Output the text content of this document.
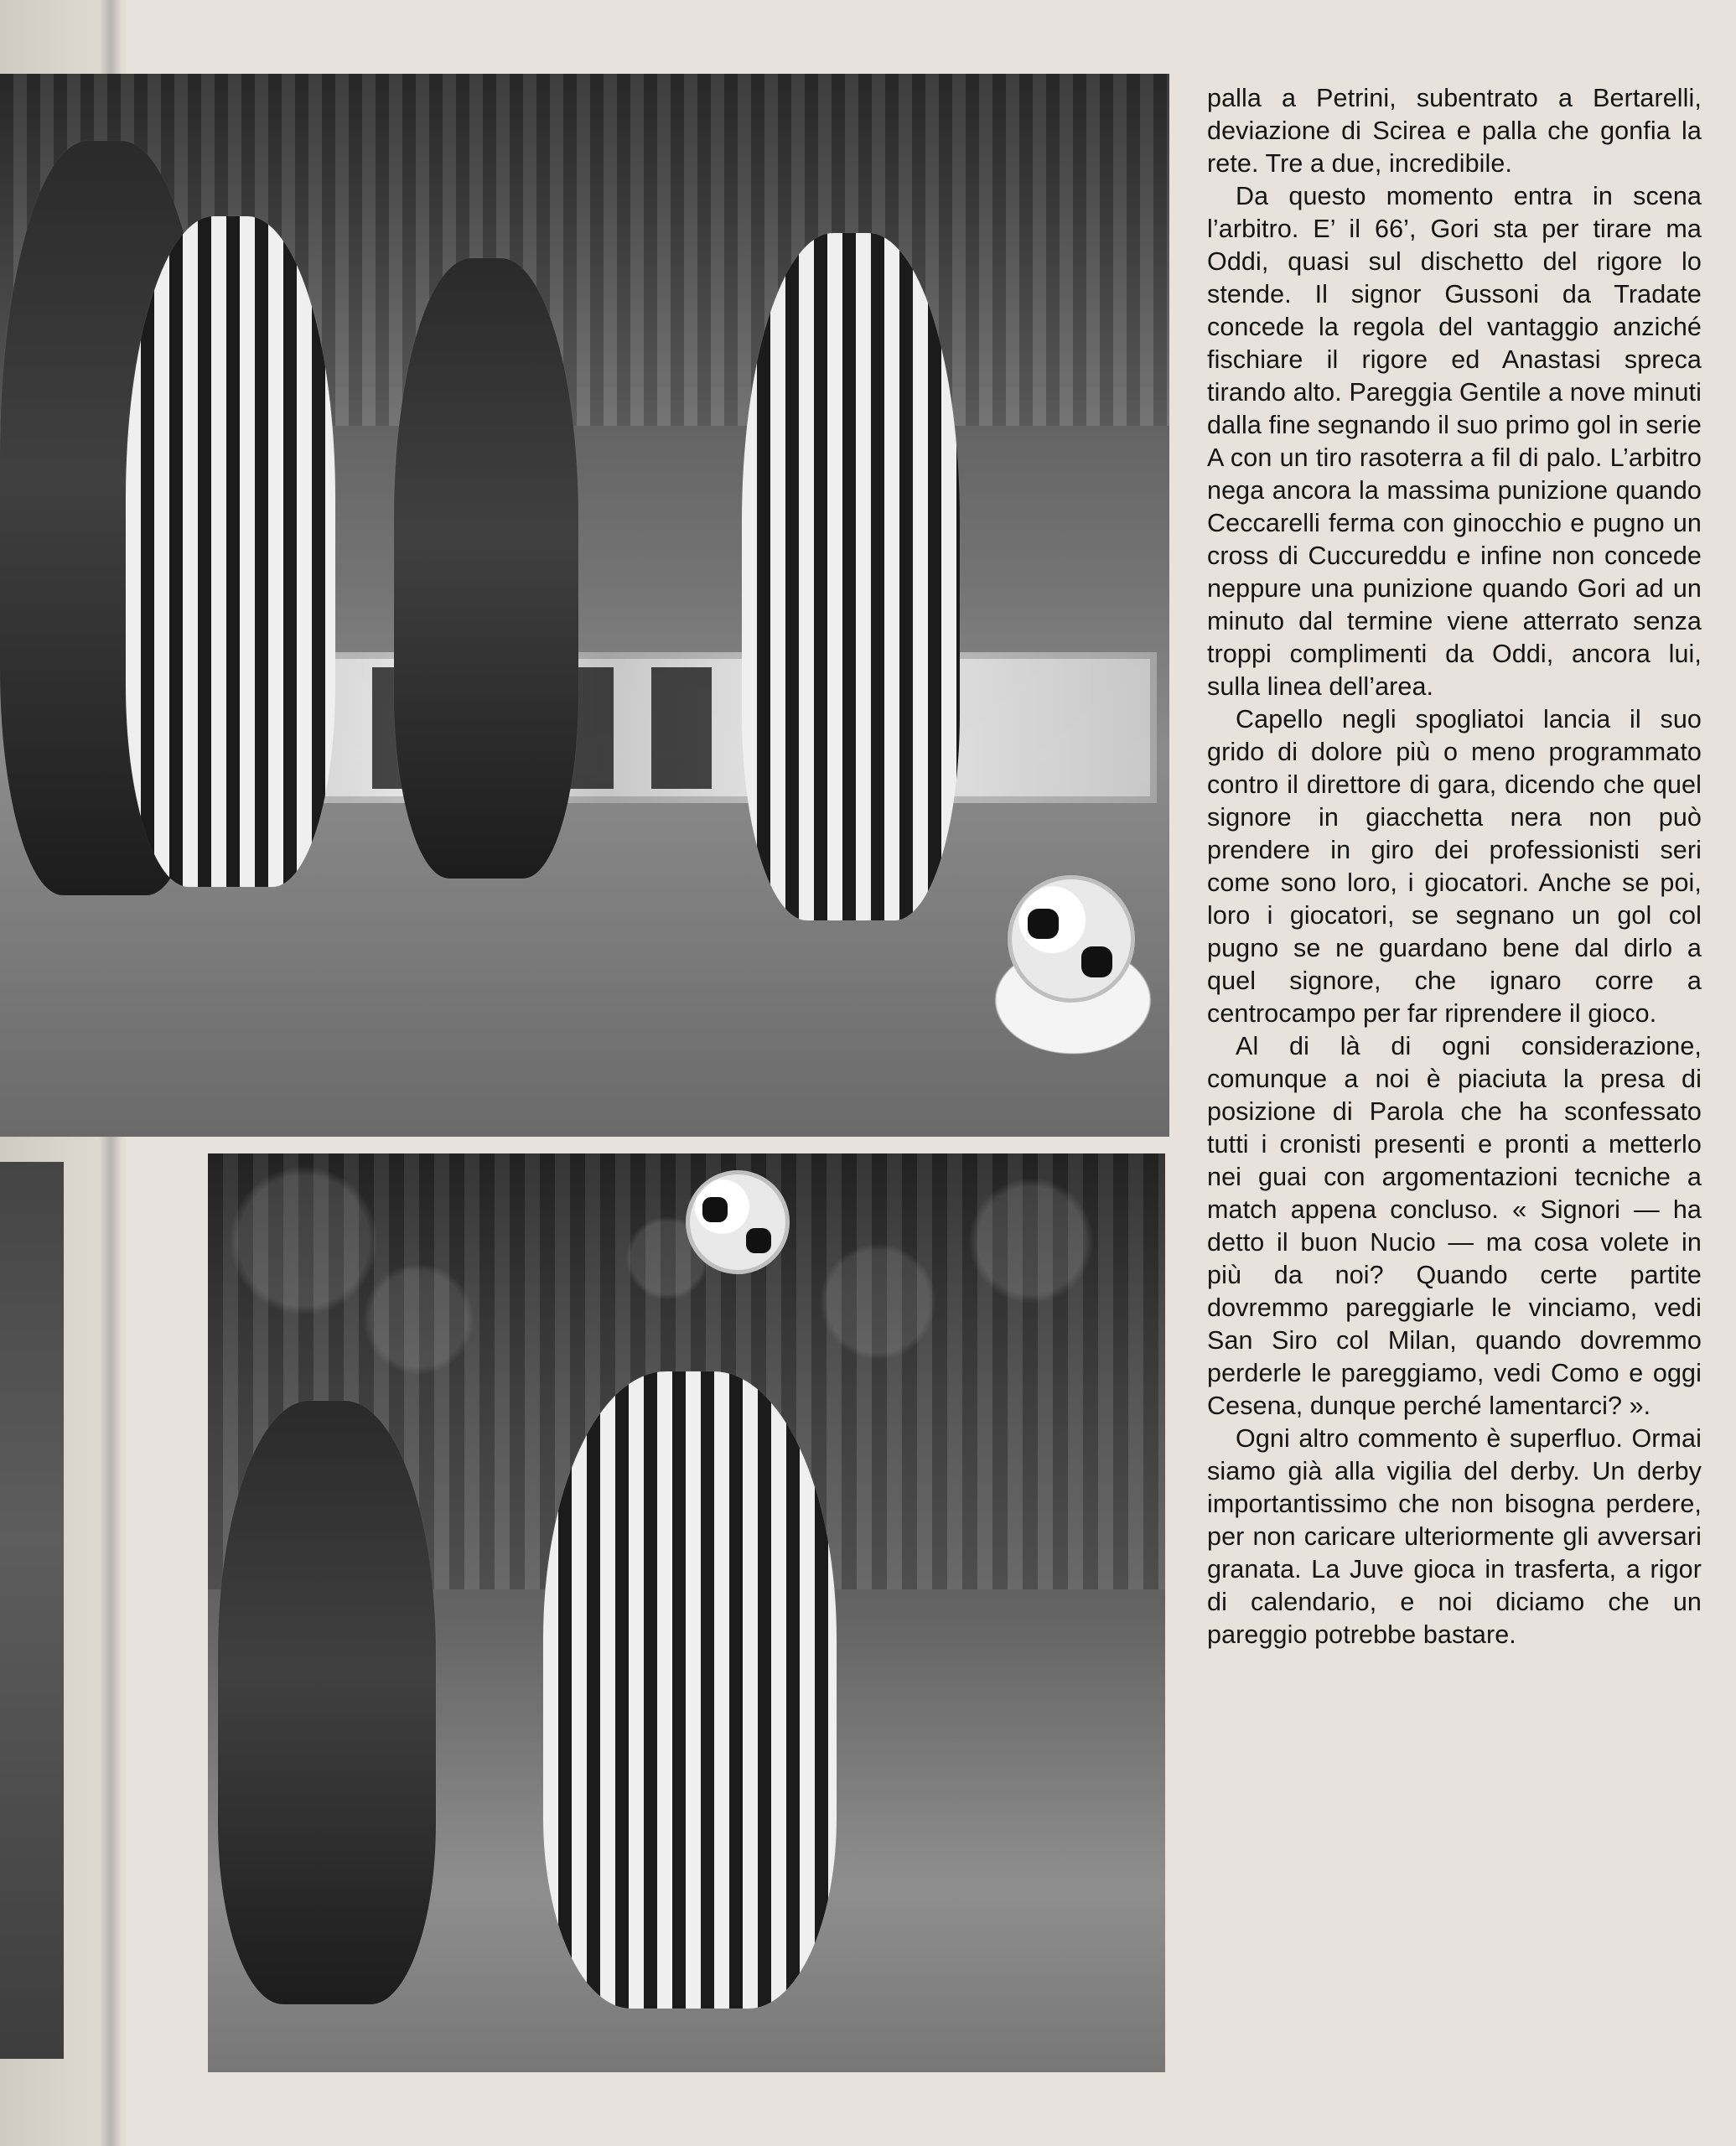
palla a Petrini, subentrato a Bertarelli, deviazione di Scirea e palla che gonfia la rete. Tre a due, incredibile.

Da questo momento entra in scena l’arbitro. E’ il 66’, Gori sta per tirare ma Oddi, quasi sul dischetto del rigore lo stende. Il signor Gussoni da Tradate concede la regola del vantaggio anziché fischiare il rigore ed Anastasi spreca tirando alto. Pareggia Gentile a nove minuti dalla fine segnando il suo primo gol in serie A con un tiro rasoterra a fil di palo. L’arbitro nega ancora la massima punizione quando Ceccarelli ferma con ginocchio e pugno un cross di Cuccureddu e infine non concede neppure una punizione quando Gori ad un minuto dal termine viene atterrato senza troppi complimenti da Oddi, ancora lui, sulla linea dell’area.

Capello negli spogliatoi lancia il suo grido di dolore più o meno programmato contro il direttore di gara, dicendo che quel signore in giacchetta nera non può prendere in giro dei professionisti seri come sono loro, i giocatori. Anche se poi, loro i giocatori, se segnano un gol col pugno se ne guardano bene dal dirlo a quel signore, che ignaro corre a centrocampo per far riprendere il gioco.

Al di là di ogni considerazione, comunque a noi è piaciuta la presa di posizione di Parola che ha sconfessato tutti i cronisti presenti e pronti a metterlo nei guai con argomentazioni tecniche a match appena concluso. « Signori — ha detto il buon Nucio — ma cosa volete in più da noi? Quando certe partite dovremmo pareggiarle le vinciamo, vedi San Siro col Milan, quando dovremmo perderle le pareggiamo, vedi Como e oggi Cesena, dunque perché lamentarci? ».

Ogni altro commento è superfluo. Ormai siamo già alla vigilia del derby. Un derby importantissimo che non bisogna perdere, per non caricare ulteriormente gli avversari granata. La Juve gioca in trasferta, a rigor di calendario, e noi diciamo che un pareggio potrebbe bastare.
